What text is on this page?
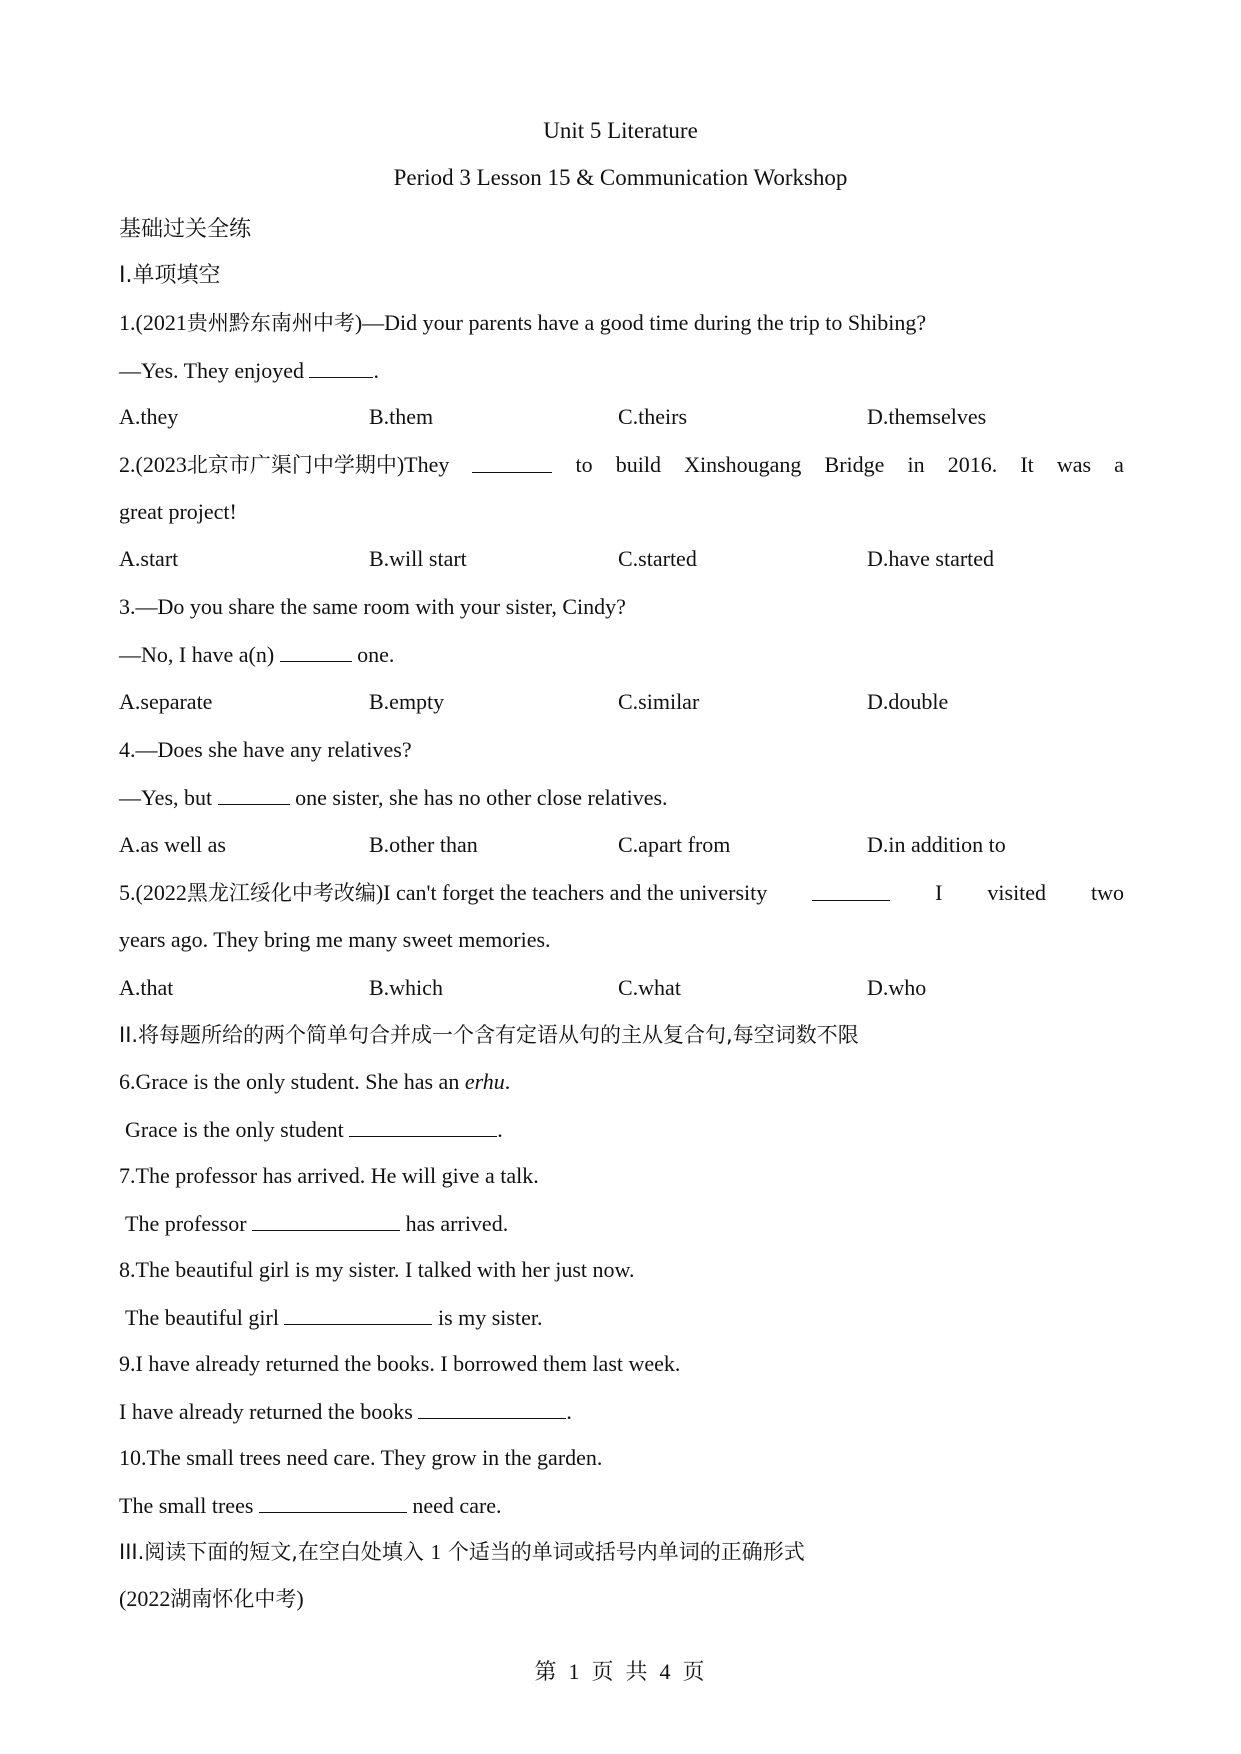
Unit 5 Literature
Period 3 Lesson 15 & Communication Workshop
基础过关全练
I.单项填空
1.(2021贵州黔东南州中考)—Did your parents have a good time during the trip to Shibing?
—Yes. They enjoyed	.
A.they	B.them	C.theirs	D.themselves
2.(2023北京市广渠门中学期中)They	to build Xinshougang Bridge in 2016. It was a
great project!
A.start	B.will start	C.started	D.have started
3.—Do you share the same room with your sister, Cindy?
—No, I have a(n)	one.
A.separate	B.empty	C.similar	D.double
4.—Does she have any relatives?
—Yes, but	one sister, she has no other close relatives.
A.as well as	B.other than	C.apart from	D.in addition to
5.(2022黑龙江绥化中考改编)I can't forget the teachers and the university	I visited two
years ago. They bring me many sweet memories.
A.that	B.which	C.what	D.who
II.将每题所给的两个简单句合并成一个含有定语从句的主从复合句,每空词数不限
6.Grace is the only student. She has an erhu.
Grace is the only student	.
7.The professor has arrived. He will give a talk.
The professor	has arrived.
8.The beautiful girl is my sister. I talked with her just now.
The beautiful girl	is my sister.
9.I have already returned the books. I borrowed them last week.
I have already returned the books	.
10.The small trees need care. They grow in the garden.
The small trees	need care.
III.阅读下面的短文,在空白处填入 1 个适当的单词或括号内单词的正确形式
(2022湖南怀化中考)
第 1 页 共 4 页
